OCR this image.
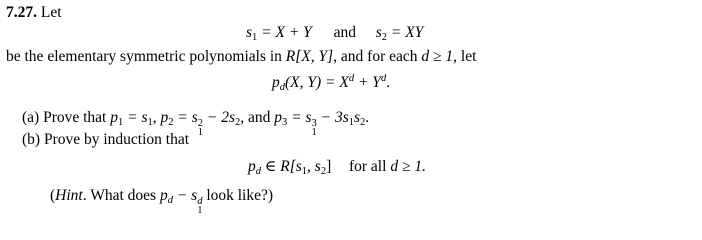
7.27. Let
$s_1 = X + Y$ and $s_2$ = XY
be the elementary symmetric polynomials in R[X, Y], and for each d ≥ 1, let
$p_d(X$, $Y) = X^d + Y^d$.
(a) Prove that $p_1 = s_1$, $p_2 = s$ 2
1
− $2s_2$, and $p_3 = s$ 3
1
− $3s_1s_2$.
(b) Prove by induction that
$p_d$ ∈ $R[s_1$, $s_2$] for all d ≥ 1.
(Hint. What does $p_d - s$ d
1
look like?)
